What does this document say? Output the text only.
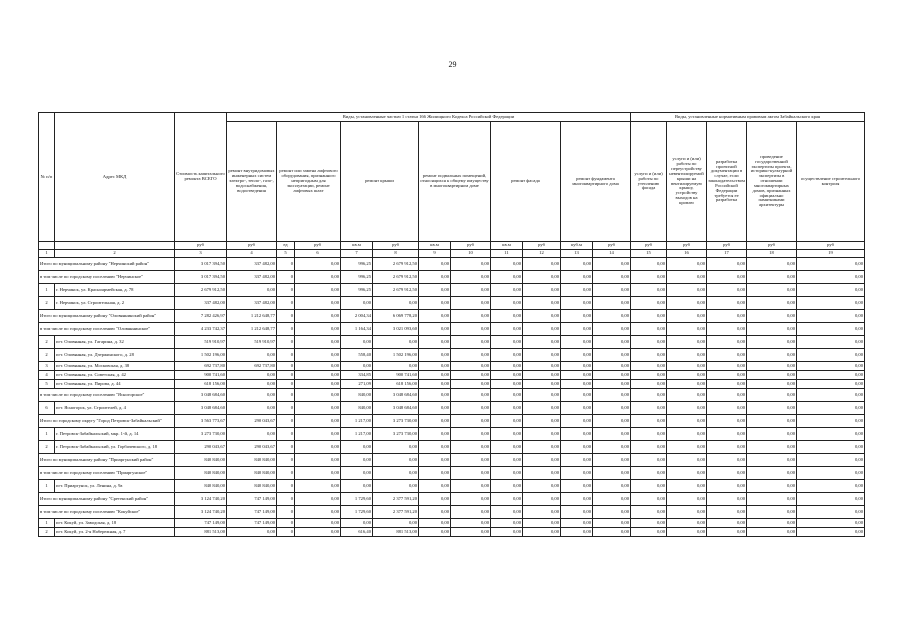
29
№ п/п	Адрес МКД	Стоимость капитального ремонта ВСЕГО	Виды, установленные частью 1 статьи 166 Жилищного Кодекса Российской Федерации											Виды, установленные нормативным правовым актом Забайкальского края				
			ремонт внутридомовых инженерных систем электро-, тепло-, газо-, водоснабжения, водоотведения	ремонт или замена лифтового оборудования, признанного непригодным для эксплуатации, ремонт лифтовых шахт		ремонт крыши		ремонт подвальных помещений, относящихся к общему имуществу в многоквартирном доме		ремонт фасада		ремонт фундамента многоквартирного дома		услуги и (или) работы по утеплению фасада	услуги и (или) работы по переустройству невентилируемой крыши на вентилируемую крышу, устройству выходов на кровлю	разработка проектной документации в случае, если законодательством Российской Федерации требуется ее разработка	проведение государственной экспертизы проекта, историко-культурной экспертизы в отношении многоквартирных домов, признанных официально памятниками архитектуры	осуществление строительного контроля
		руб	руб	ед	руб	кв.м	руб	кв.м	руб	кв.м	руб	куб.м	руб	руб	руб	руб	руб	руб
1	2	3	4	5	6	7	8	9	10	11	12	13	14	15	16	17	18	19
Итого по муниципальному району "Нерчинский район"		3 017 394,50	337 482,00	0	0,00	996,25	2 679 912,50	0,00	0,00	0,00	0,00	0,00	0,00	0,00	0,00	0,00	0,00	0,00
в том числе по городскому поселению "Нерчинское"		3 017 394,50	337 482,00	0	0,00	996,25	2 679 912,50	0,00	0,00	0,00	0,00	0,00	0,00	0,00	0,00	0,00	0,00	0,00
1	г. Нерчинск, ул. Красноармейская, д. 78	2 679 912,50	0,00	0	0,00	996,25	2 679 912,50	0,00	0,00	0,00	0,00	0,00	0,00	0,00	0,00	0,00	0,00	0,00
2	г. Нерчинск, ул. Строительная, д. 2	337 482,00	337 482,00	0	0,00	0,00	0,00	0,00	0,00	0,00	0,00	0,00	0,00	0,00	0,00	0,00	0,00	0,00
Итого по муниципальному району "Оловяннинский район"		7 282 426,97	1 212 648,77	0	0,00	2 004,34	6 069 778,20	0,00	0,00	0,00	0,00	0,00	0,00	0,00	0,00	0,00	0,00	0,00
в том числе по городскому поселению "Оловяннинское"		4 233 742,37	1 212 648,77	0	0,00	1 164,34	3 021 093,60	0,00	0,00	0,00	0,00	0,00	0,00	0,00	0,00	0,00	0,00	0,00
2	пгт. Оловянная, ул. Гагарина, д. 32	519 910,97	519 910,97	0	0,00	0,00	0,00	0,00	0,00	0,00	0,00	0,00	0,00	0,00	0,00	0,00	0,00	0,00
2	пгт. Оловянная, ул. Дзержинского, д. 28	1 502 196,00	0,00	0	0,00	558,40	1 502 196,00	0,00	0,00	0,00	0,00	0,00	0,00	0,00	0,00	0,00	0,00	0,00
3	пгт. Оловянная, ул. Московская, д. 38	692 737,80	692 737,80	0	0,00	0,00	0,00	0,00	0,00	0,00	0,00	0,00	0,00	0,00	0,00	0,00	0,00	0,00
4	пгт. Оловянная, ул. Советская, д. 42	900 741,60	0,00	0	0,00	334,85	900 741,60	0,00	0,00	0,00	0,00	0,00	0,00	0,00	0,00	0,00	0,00	0,00
5	пгт. Оловянная, ул. Пирова, д. 44	618 156,00	0,00	0	0,00	271,09	618 156,00	0,00	0,00	0,00	0,00	0,00	0,00	0,00	0,00	0,00	0,00	0,00
в том числе по городскому поселению "Ясногорское"		3 048 684,60	0,00	0	0,00	840,00	3 048 684,60	0,00	0,00	0,00	0,00	0,00	0,00	0,00	0,00	0,00	0,00	0,00
6	пгт. Ясногорск, ул. Строителей, д. 4	3 048 684,60	0,00	0	0,00	840,00	3 048 684,60	0,00	0,00	0,00	0,00	0,00	0,00	0,00	0,00	0,00	0,00	0,00
Итого по городскому округу "Город Петровск-Забайкальский"		3 563 773,67	290 043,67	0	0,00	1 217,00	3 273 730,00	0,00	0,00	0,00	0,00	0,00	0,00	0,00	0,00	0,00	0,00	0,00
1	г. Петровск-Забайкальский, мкр. 1-й, д. 14	3 273 730,00	0,00	0	0,00	1 217,00	3 273 730,00	0,00	0,00	0,00	0,00	0,00	0,00	0,00	0,00	0,00	0,00	0,00
2	г. Петровск-Забайкальский, ул. Горбачевского, д. 18	290 043,67	290 043,67	0	0,00	0,00	0,00	0,00	0,00	0,00	0,00	0,00	0,00	0,00	0,00	0,00	0,00	0,00
Итого по муниципальному району "Приаргунский район"		840 840,00	840 840,00	0	0,00	0,00	0,00	0,00	0,00	0,00	0,00	0,00	0,00	0,00	0,00	0,00	0,00	0,00
в том числе по городскому поселению "Приаргунское"		840 840,00	840 840,00	0	0,00	0,00	0,00	0,00	0,00	0,00	0,00	0,00	0,00	0,00	0,00	0,00	0,00	0,00
1	пгт. Приаргунск, ул. Ленина, д. 9а	840 840,00	840 840,00	0	0,00	0,00	0,00	0,00	0,00	0,00	0,00	0,00	0,00	0,00	0,00	0,00	0,00	0,00
Итого по муниципальному району "Сретенский район"		3 124 740,20	747 149,00	0	0,00	1 729,60	2 377 591,20	0,00	0,00	0,00	0,00	0,00	0,00	0,00	0,00	0,00	0,00	0,00
в том числе по городскому поселению "Кокуйское"		3 124 740,20	747 149,00	0	0,00	1 729,60	2 377 591,20	0,00	0,00	0,00	0,00	0,00	0,00	0,00	0,00	0,00	0,00	0,00
1	пгт. Кокуй, ул. Заводская, д. 18	747 149,00	747 149,00	0	0,00	0,00	0,00	0,00	0,00	0,00	0,00	0,00	0,00	0,00	0,00	0,00	0,00	0,00
2	пгт. Кокуй, ул. 2-я Набережная, д. 7	881 513,00	0,00	0	0,00	616,40	881 513,00	0,00	0,00	0,00	0,00	0,00	0,00	0,00	0,00	0,00	0,00	0,00
